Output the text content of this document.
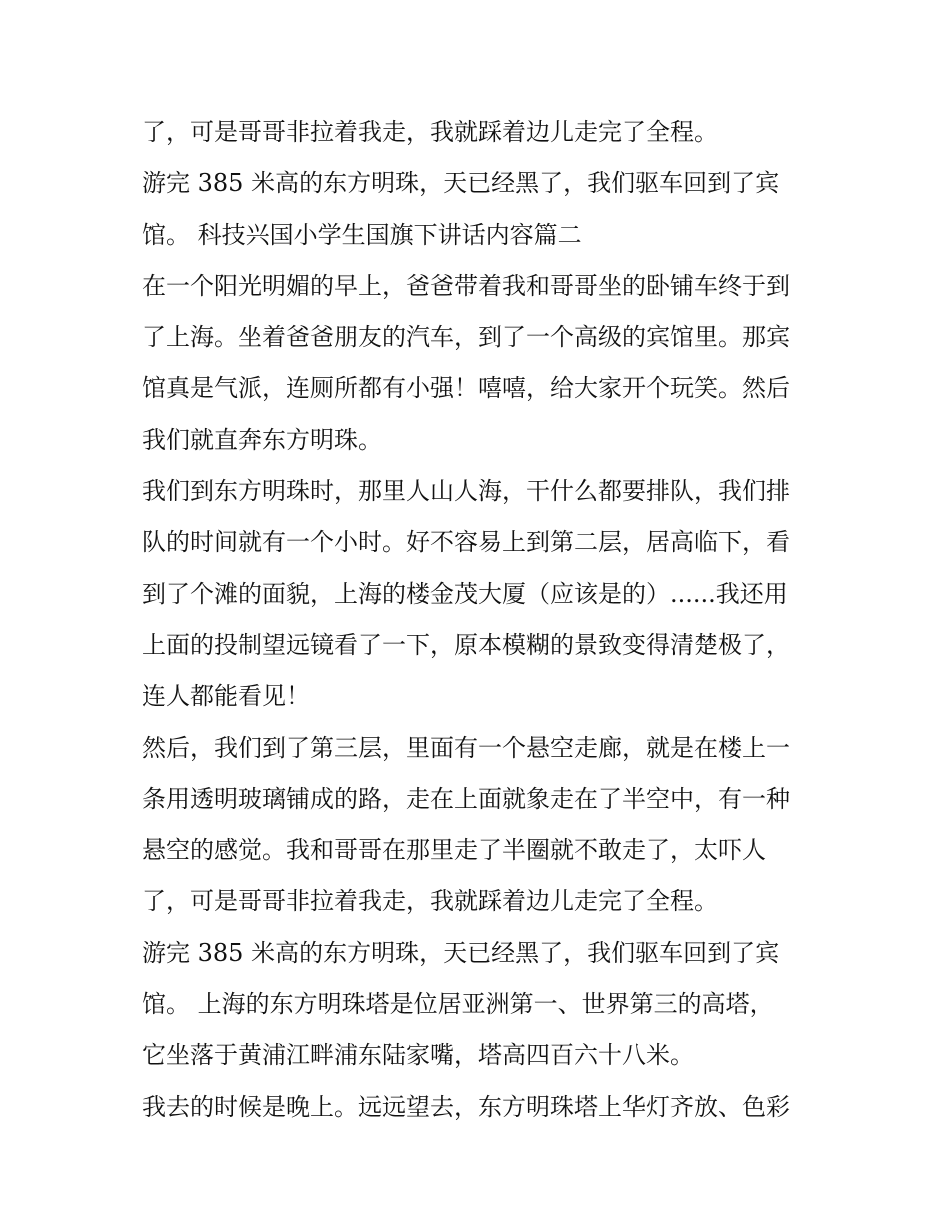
了，可是哥哥非拉着我走，我就踩着边儿走完了全程。
游完 385 米高的东方明珠，天已经黑了，我们驱车回到了宾
馆。 科技兴国小学生国旗下讲话内容篇二
在一个阳光明媚的早上，爸爸带着我和哥哥坐的卧铺车终于到
了上海。坐着爸爸朋友的汽车，到了一个高级的宾馆里。那宾
馆真是气派，连厕所都有小强！嘻嘻，给大家开个玩笑。然后
我们就直奔东方明珠。
我们到东方明珠时，那里人山人海，干什么都要排队，我们排
队的时间就有一个小时。好不容易上到第二层，居高临下，看
到了个滩的面貌，上海的楼金茂大厦（应该是的）......我还用
上面的投制望远镜看了一下，原本模糊的景致变得清楚极了，
连人都能看见！
然后，我们到了第三层，里面有一个悬空走廊，就是在楼上一
条用透明玻璃铺成的路，走在上面就象走在了半空中，有一种
悬空的感觉。我和哥哥在那里走了半圈就不敢走了，太吓人
了，可是哥哥非拉着我走，我就踩着边儿走完了全程。
游完 385 米高的东方明珠，天已经黑了，我们驱车回到了宾
馆。 上海的东方明珠塔是位居亚洲第一、世界第三的高塔，
它坐落于黄浦江畔浦东陆家嘴，塔高四百六十八米。
我去的时候是晚上。远远望去，东方明珠塔上华灯齐放、色彩
